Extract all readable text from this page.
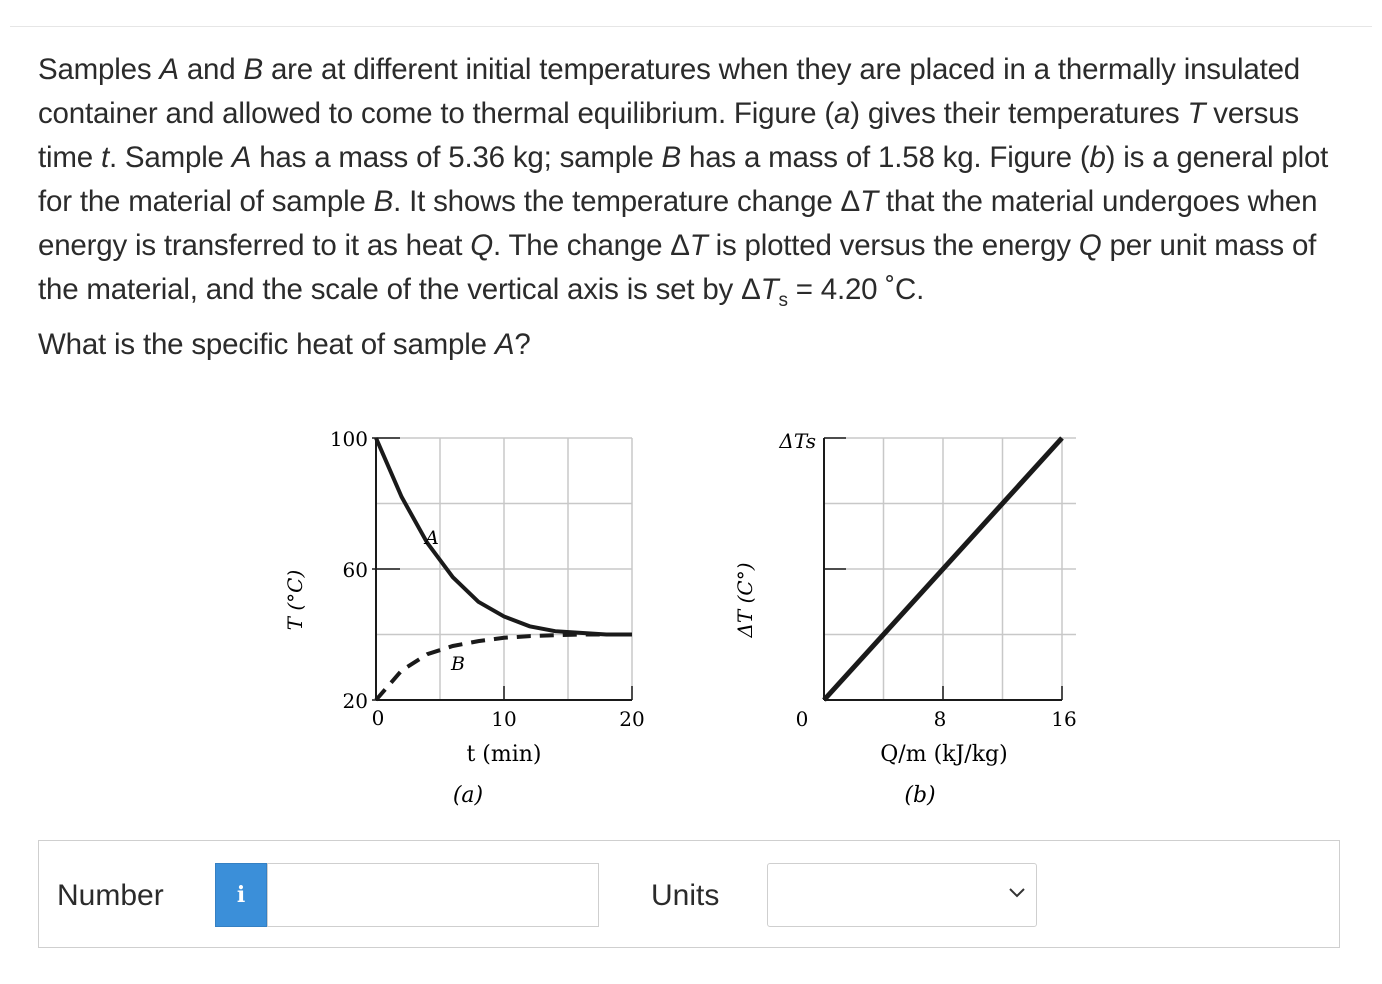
Samples A and B are at different initial temperatures when they are placed in a thermally insulated container and allowed to come to thermal equilibrium. Figure (a) gives their temperatures T versus time t. Sample A has a mass of 5.36 kg; sample B has a mass of 1.58 kg. Figure (b) is a general plot for the material of sample B. It shows the temperature change ΔT that the material undergoes when energy is transferred to it as heat Q. The change ΔT is plotted versus the energy Q per unit mass of the material, and the scale of the vertical axis is set by $\Delta T_s = 4.20$ ˚C.

What is the specific heat of sample A?

T (°C)
100
60
20
0	10	20
t (min)
(a)
A
B
ΔT (C°)
ΔTs
0	8	16
Q/m (kJ/kg)
(b)
Number	i	Units
